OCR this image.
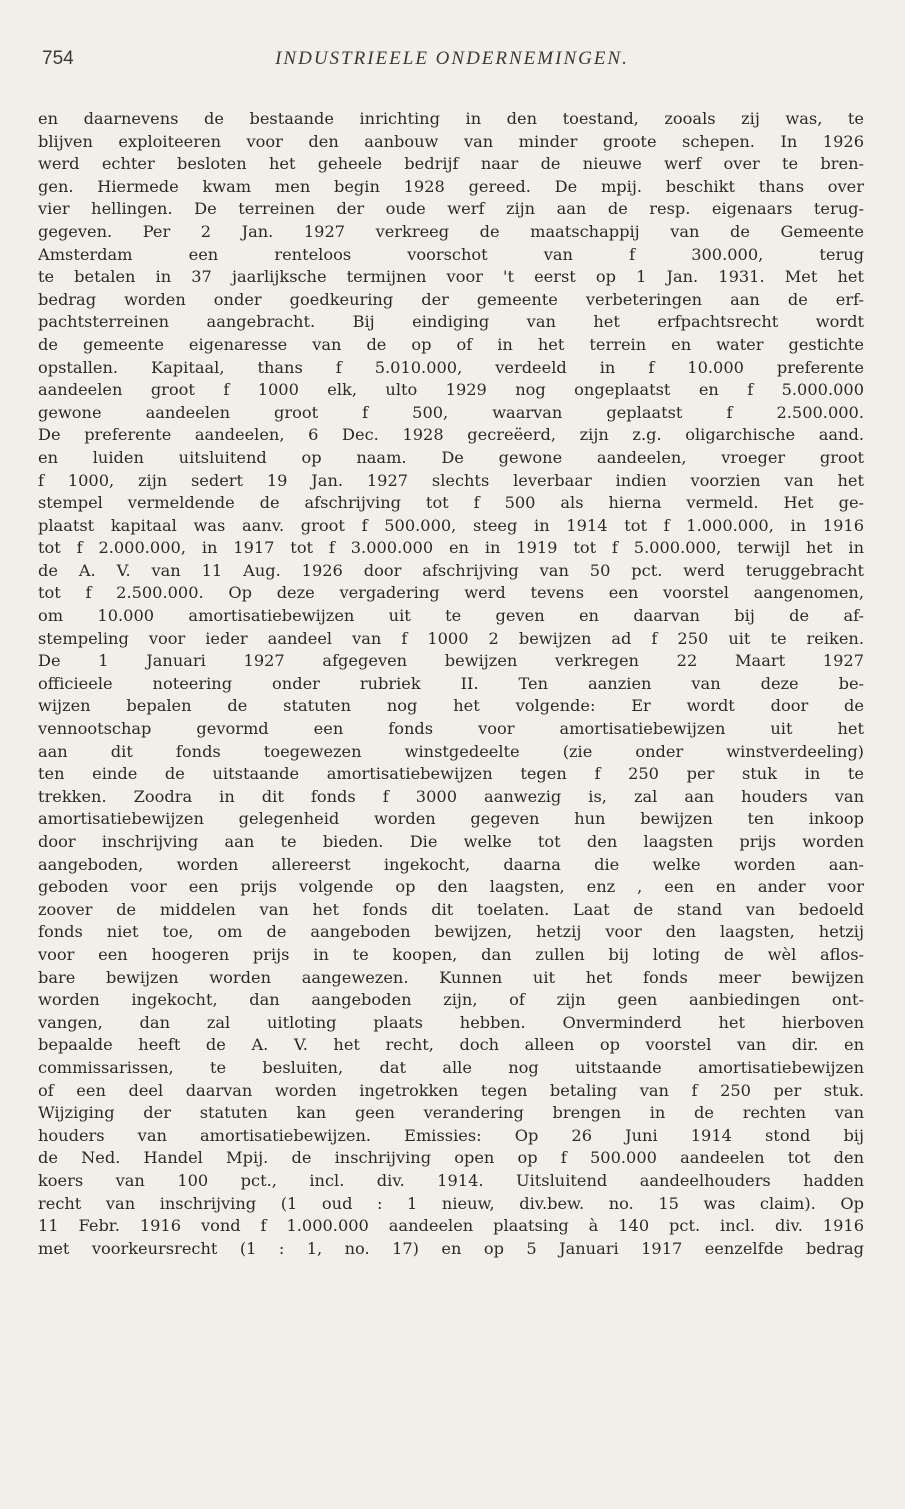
754	INDUSTRIEELE ONDERNEMINGEN.
en daarnevens de bestaande inrichting in den toestand, zooals zij was, te
blijven exploiteeren voor den aanbouw van minder groote schepen. In 1926
werd echter besloten het geheele bedrijf naar de nieuwe werf over te bren-
gen. Hiermede kwam men begin 1928 gereed. De mpij. beschikt thans over
vier hellingen. De terreinen der oude werf zijn aan de resp. eigenaars terug-
gegeven. Per 2 Jan. 1927 verkreeg de maatschappij van de Gemeente
Amsterdam een renteloos voorschot van f 300.000, terug
te betalen in 37 jaarlijksche termijnen voor 't eerst op 1 Jan. 1931. Met het
bedrag worden onder goedkeuring der gemeente verbeteringen aan de erf-
pachtsterreinen aangebracht. Bij eindiging van het erfpachtsrecht wordt
de gemeente eigenaresse van de op of in het terrein en water gestichte
opstallen. Kapitaal, thans f 5.010.000, verdeeld in f 10.000 preferente
aandeelen groot f 1000 elk, ulto 1929 nog ongeplaatst en f 5.000.000
gewone aandeelen groot f 500, waarvan geplaatst f 2.500.000.
De preferente aandeelen, 6 Dec. 1928 gecreëerd, zijn z.g. oligarchische aand.
en luiden uitsluitend op naam. De gewone aandeelen, vroeger groot
f 1000, zijn sedert 19 Jan. 1927 slechts leverbaar indien voorzien van het
stempel vermeldende de afschrijving tot f 500 als hierna vermeld. Het ge-
plaatst kapitaal was aanv. groot f 500.000, steeg in 1914 tot f 1.000.000, in 1916
tot f 2.000.000, in 1917 tot f 3.000.000 en in 1919 tot f 5.000.000, terwijl het in
de A. V. van 11 Aug. 1926 door afschrijving van 50 pct. werd teruggebracht
tot f 2.500.000. Op deze vergadering werd tevens een voorstel aangenomen,
om 10.000 amortisatiebewijzen uit te geven en daarvan bij de af-
stempeling voor ieder aandeel van f 1000 2 bewijzen ad f 250 uit te reiken.
De 1 Januari 1927 afgegeven bewijzen verkregen 22 Maart 1927
officieele noteering onder rubriek II. Ten aanzien van deze be-
wijzen bepalen de statuten nog het volgende: Er wordt door de
vennootschap gevormd een fonds voor amortisatiebewijzen uit het
aan dit fonds toegewezen winstgedeelte (zie onder winstverdeeling)
ten einde de uitstaande amortisatiebewijzen tegen f 250 per stuk in te
trekken. Zoodra in dit fonds f 3000 aanwezig is, zal aan houders van
amortisatiebewijzen gelegenheid worden gegeven hun bewijzen ten inkoop
door inschrijving aan te bieden. Die welke tot den laagsten prijs worden
aangeboden, worden allereerst ingekocht, daarna die welke worden aan-
geboden voor een prijs volgende op den laagsten, enz , een en ander voor
zoover de middelen van het fonds dit toelaten. Laat de stand van bedoeld
fonds niet toe, om de aangeboden bewijzen, hetzij voor den laagsten, hetzij
voor een hoogeren prijs in te koopen, dan zullen bij loting de wèl aflos-
bare bewijzen worden aangewezen. Kunnen uit het fonds meer bewijzen
worden ingekocht, dan aangeboden zijn, of zijn geen aanbiedingen ont-
vangen, dan zal uitloting plaats hebben. Onverminderd het hierboven
bepaalde heeft de A. V. het recht, doch alleen op voorstel van dir. en
commissarissen, te besluiten, dat alle nog uitstaande amortisatiebewijzen
of een deel daarvan worden ingetrokken tegen betaling van f 250 per stuk.
Wijziging der statuten kan geen verandering brengen in de rechten van
houders van amortisatiebewijzen. Emissies: Op 26 Juni 1914 stond bij
de Ned. Handel Mpij. de inschrijving open op f 500.000 aandeelen tot den
koers van 100 pct., incl. div. 1914. Uitsluitend aandeelhouders hadden
recht van inschrijving (1 oud : 1 nieuw, div.bew. no. 15 was claim). Op
11 Febr. 1916 vond f 1.000.000 aandeelen plaatsing à 140 pct. incl. div. 1916
met voorkeursrecht (1 : 1, no. 17) en op 5 Januari 1917 eenzelfde bedrag
